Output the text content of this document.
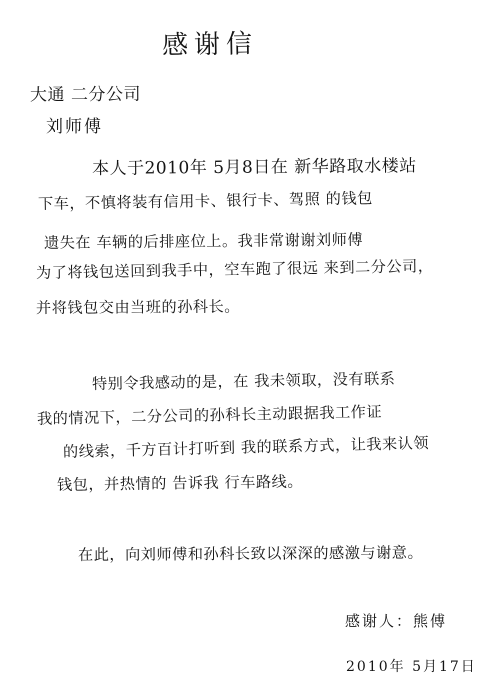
感谢信
大通 二分公司
刘师傅
本人于2010年 5月8日在 新华路取水楼站
下车，不慎将装有信用卡、银行卡、驾照 的钱包
遗失在 车辆的后排座位上。我非常谢谢刘师傅
为了将钱包送回到我手中，空车跑了很远 来到二分公司，
并将钱包交由当班的孙科长。
特别令我感动的是，在 我未领取，没有联系
我的情况下，二分公司的孙科长主动跟据我工作证
的线索，千方百计打听到 我的联系方式，让我来认领
钱包，并热情的 告诉我 行车路线。
在此，向刘师傅和孙科长致以深深的感激与谢意。
感谢人：熊傅
2010年 5月17日
